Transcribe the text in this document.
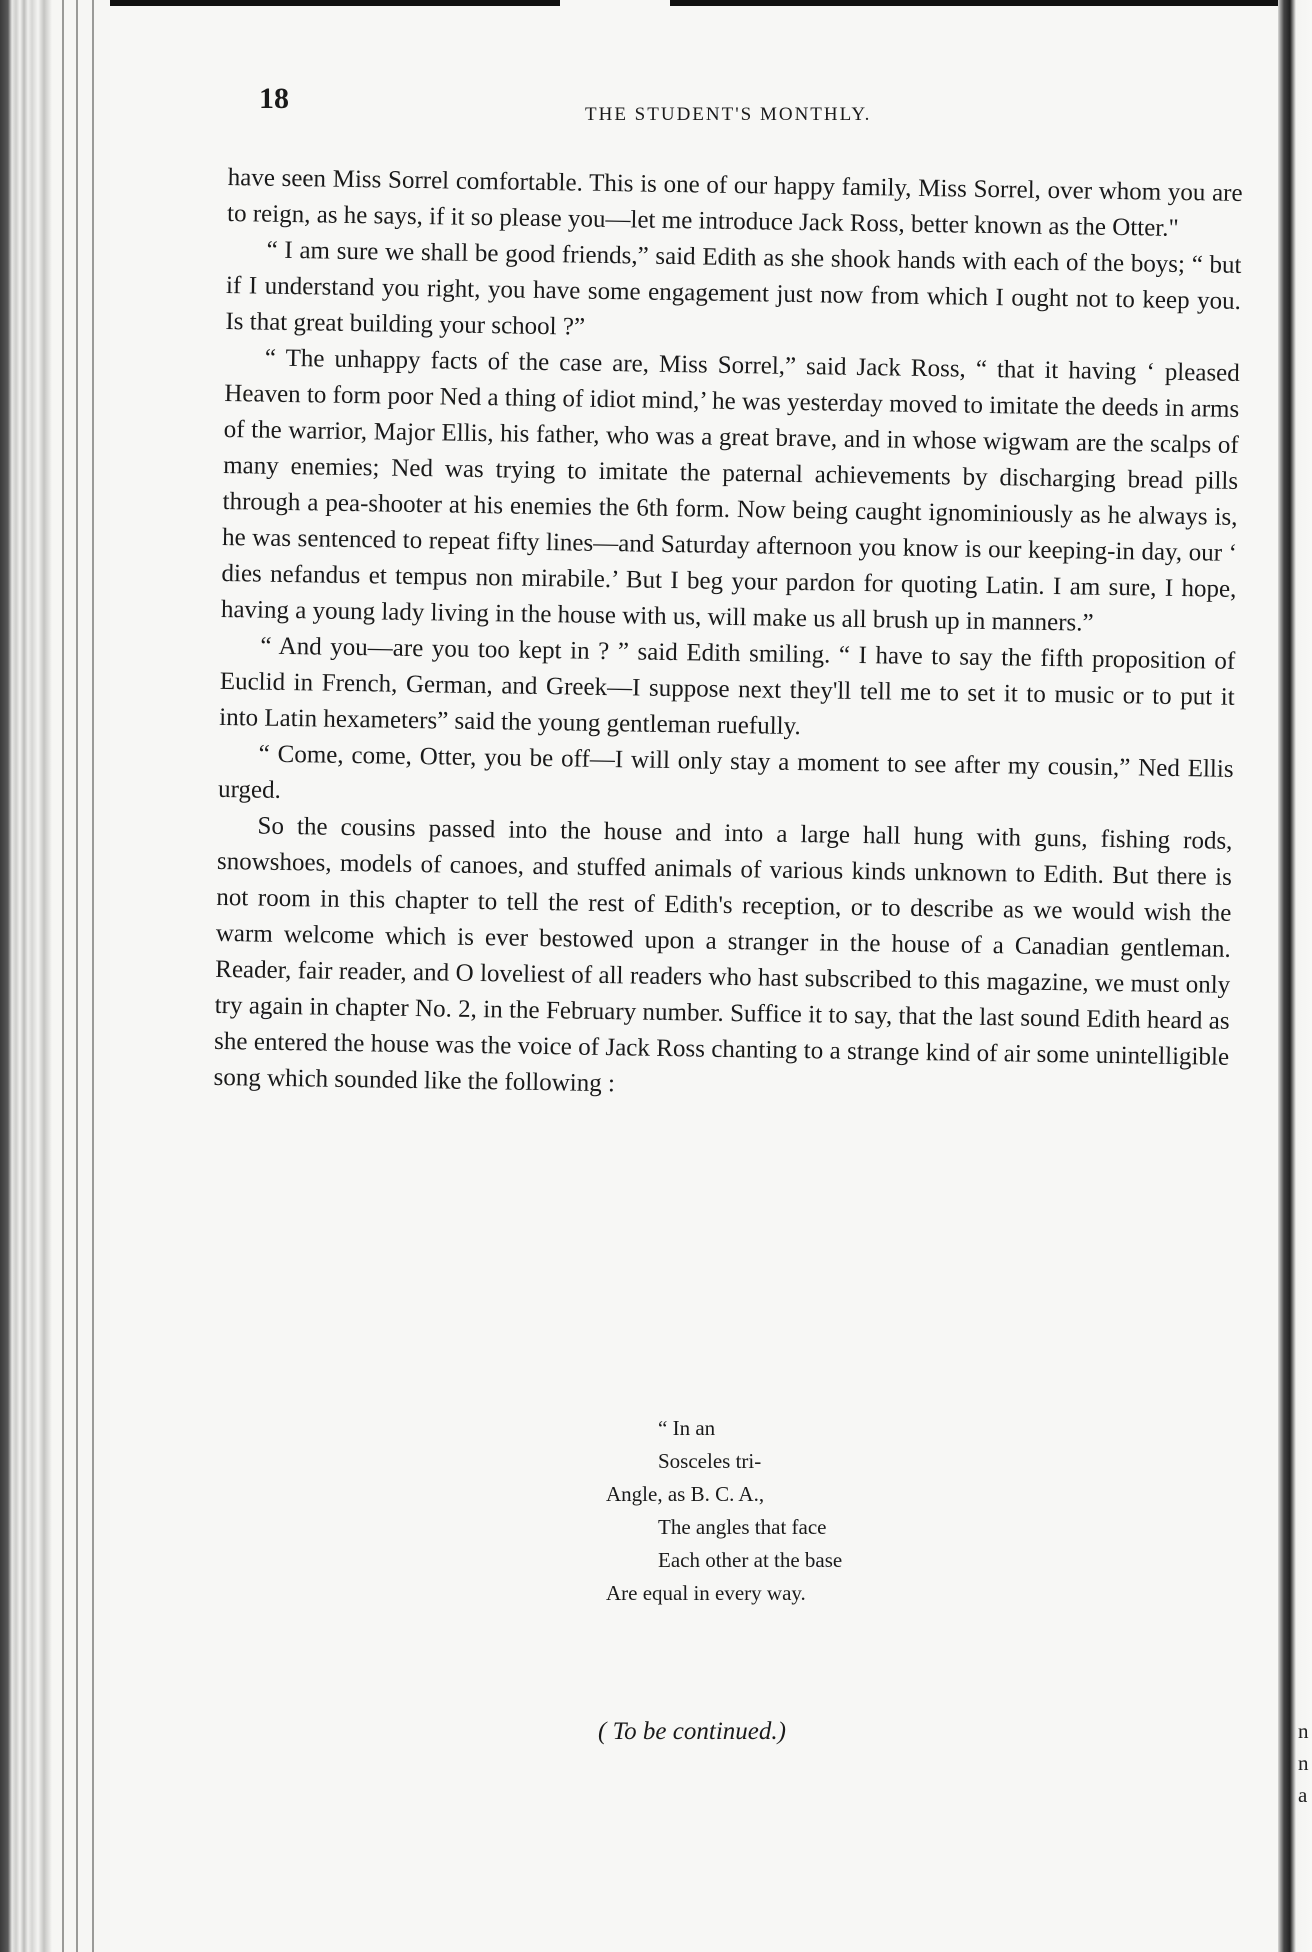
n
n
a
18	THE STUDENT'S MONTHLY.

have seen Miss Sorrel comfortable. This is one of our happy family, Miss Sorrel, over whom you are to reign, as he says, if it so please you—let me introduce Jack Ross, better known as the Otter."

“ I am sure we shall be good friends,” said Edith as she shook hands with each of the boys; “ but if I understand you right, you have some engagement just now from which I ought not to keep you. Is that great building your school ?”

“ The unhappy facts of the case are, Miss Sorrel,” said Jack Ross, “ that it having ‘ pleased Heaven to form poor Ned a thing of idiot mind,’ he was yesterday moved to imitate the deeds in arms of the warrior, Major Ellis, his father, who was a great brave, and in whose wigwam are the scalps of many enemies; Ned was trying to imitate the paternal achievements by discharging bread pills through a pea-shooter at his enemies the 6th form. Now being caught ignominiously as he always is, he was sentenced to repeat fifty lines—and Saturday afternoon you know is our keeping-in day, our ‘ dies nefandus et tempus non mirabile.’ But I beg your pardon for quoting Latin. I am sure, I hope, having a young lady living in the house with us, will make us all brush up in manners.”

“ And you—are you too kept in ? ” said Edith smiling. “ I have to say the fifth proposition of Euclid in French, German, and Greek—I suppose next they'll tell me to set it to music or to put it into Latin hexameters” said the young gentleman ruefully.

“ Come, come, Otter, you be off—I will only stay a moment to see after my cousin,” Ned Ellis urged.

So the cousins passed into the house and into a large hall hung with guns, fishing rods, snowshoes, models of canoes, and stuffed animals of various kinds unknown to Edith. But there is not room in this chapter to tell the rest of Edith's reception, or to describe as we would wish the warm welcome which is ever bestowed upon a stranger in the house of a Canadian gentleman. Reader, fair reader, and O loveliest of all readers who hast subscribed to this magazine, we must only try again in chapter No. 2, in the February number. Suffice it to say, that the last sound Edith heard as she entered the house was the voice of Jack Ross chanting to a strange kind of air some unintelligible song which sounded like the following :

“ In an
Sosceles tri-
Angle, as B. C. A.,
The angles that face
Each other at the base
Are equal in every way.
( To be continued.)
